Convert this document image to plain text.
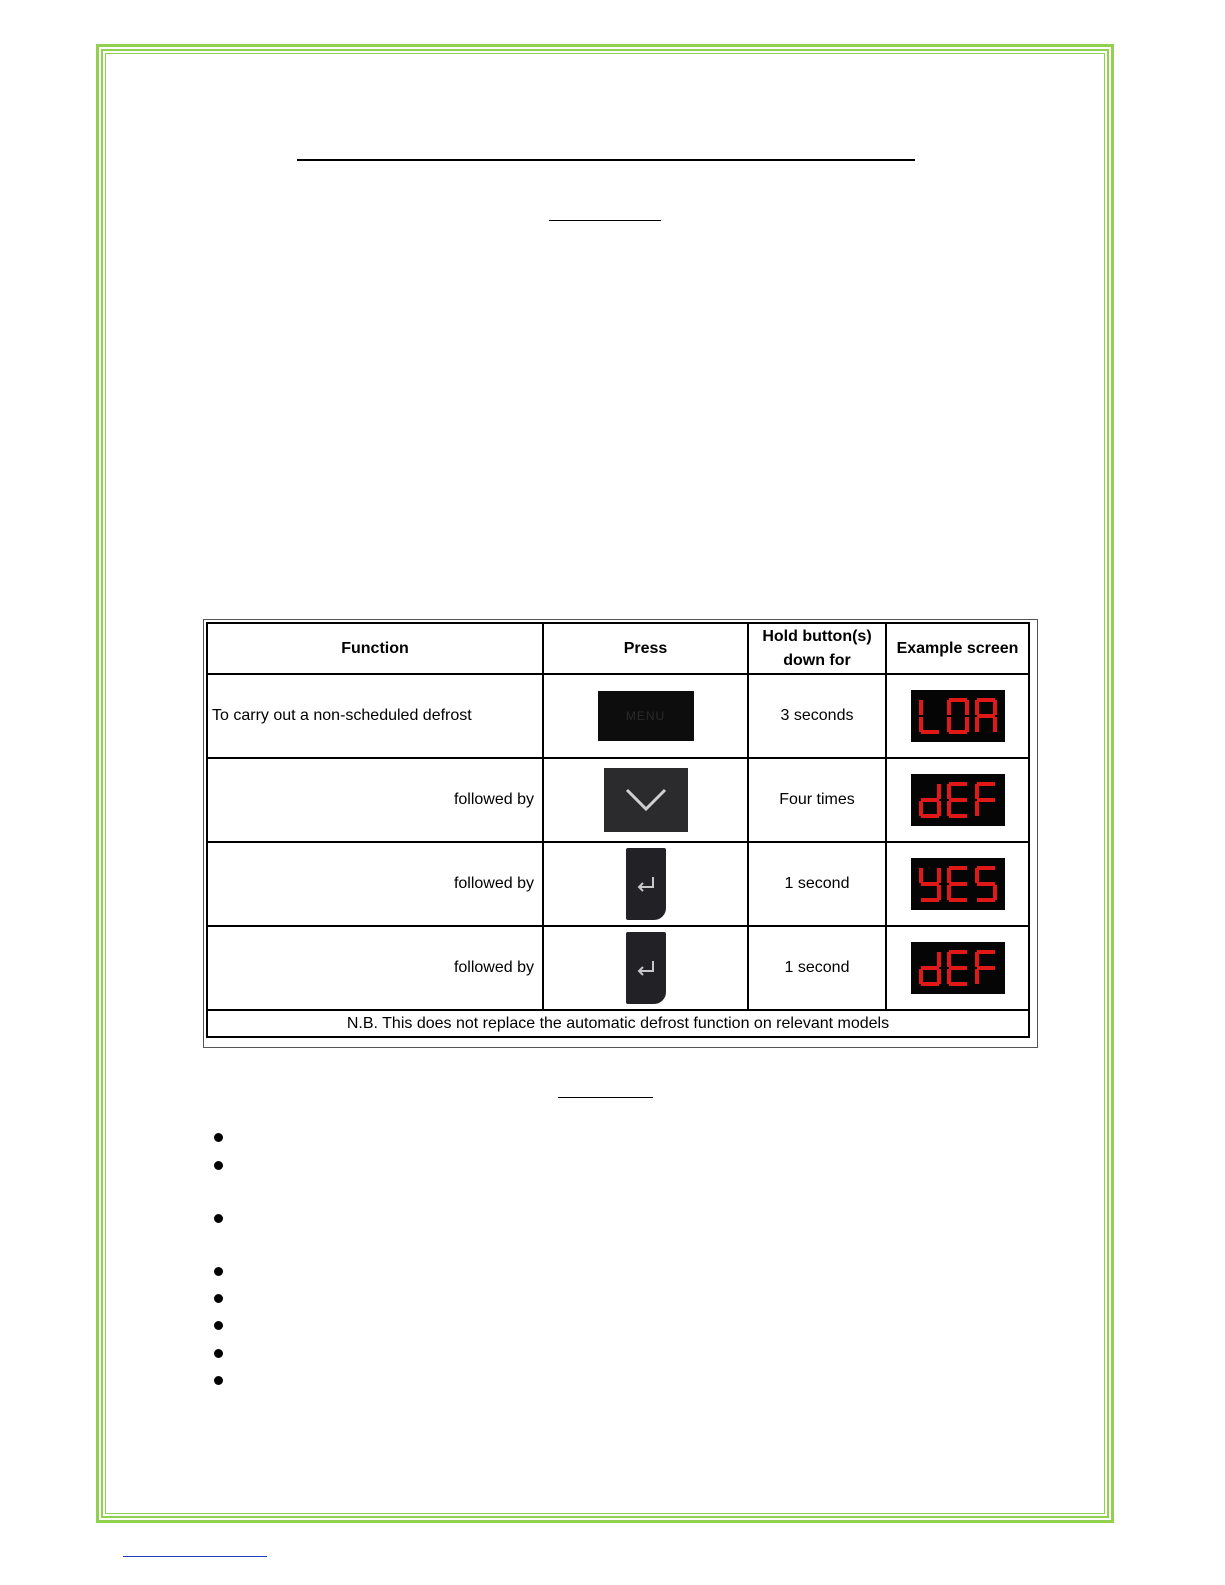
Function	Press	Hold button(s) down for	Example screen
To carry out a non-scheduled defrost	MENU	3 seconds	

followed by		Four times	

followed by		1 second	

followed by		1 second	

N.B. This does not replace the automatic defrost function on relevant models			
